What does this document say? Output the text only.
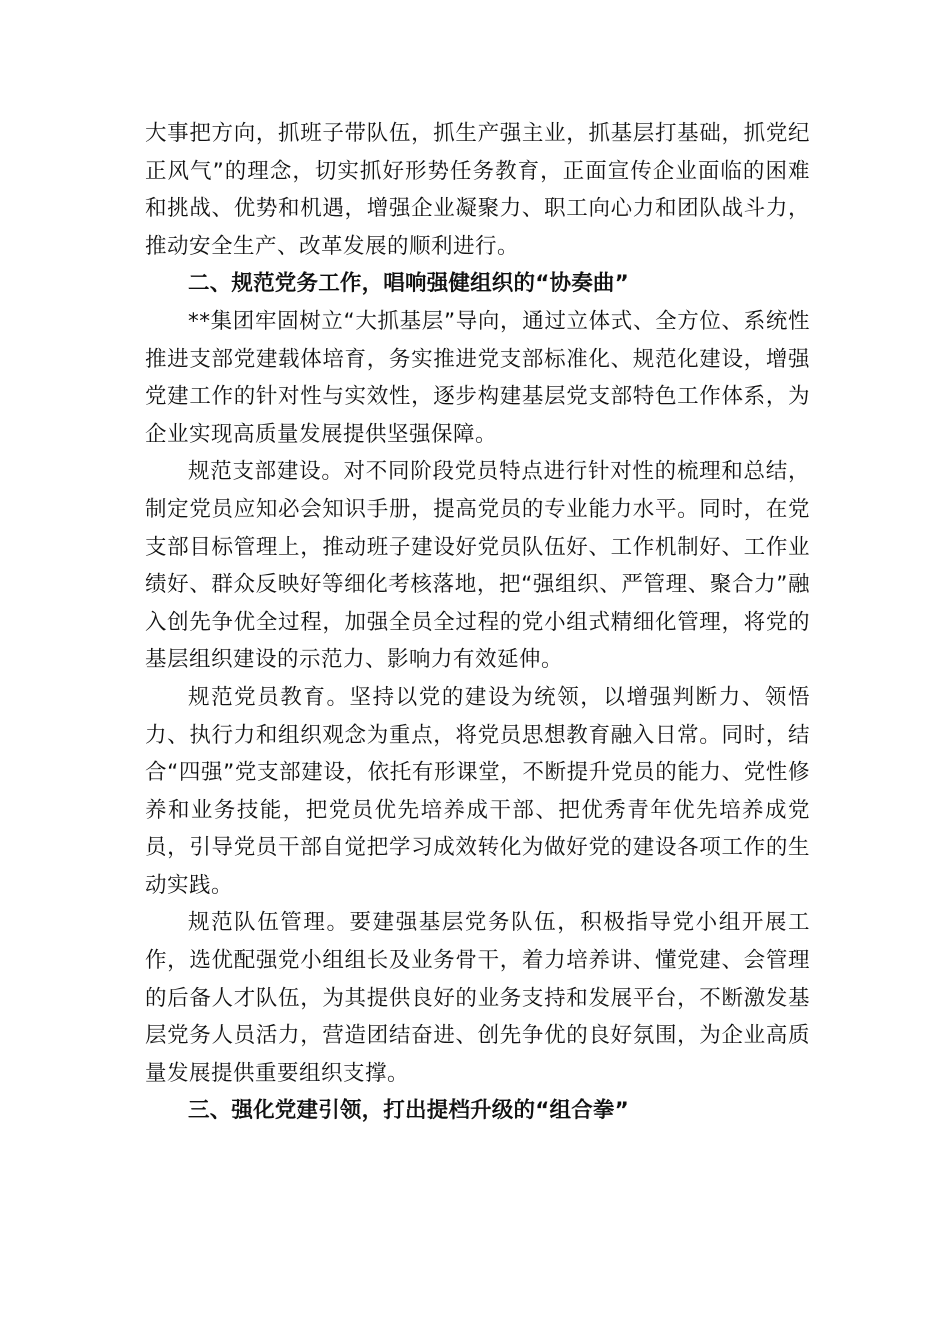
大事把方向，抓班子带队伍，抓生产强主业，抓基层打基础，抓党纪正风气”的理念，切实抓好形势任务教育，正面宣传企业面临的困难和挑战、优势和机遇，增强企业凝聚力、职工向心力和团队战斗力，推动安全生产、改革发展的顺利进行。

二、规范党务工作，唱响强健组织的“协奏曲”

**集团牢固树立“大抓基层”导向，通过立体式、全方位、系统性推进支部党建载体培育，务实推进党支部标准化、规范化建设，增强党建工作的针对性与实效性，逐步构建基层党支部特色工作体系，为企业实现高质量发展提供坚强保障。

规范支部建设。对不同阶段党员特点进行针对性的梳理和总结，制定党员应知必会知识手册，提高党员的专业能力水平。同时，在党支部目标管理上，推动班子建设好党员队伍好、工作机制好、工作业绩好、群众反映好等细化考核落地，把“强组织、严管理、聚合力”融入创先争优全过程，加强全员全过程的党小组式精细化管理，将党的基层组织建设的示范力、影响力有效延伸。

规范党员教育。坚持以党的建设为统领，以增强判断力、领悟力、执行力和组织观念为重点，将党员思想教育融入日常。同时，结合“四强”党支部建设，依托有形课堂，不断提升党员的能力、党性修养和业务技能，把党员优先培养成干部、把优秀青年优先培养成党员，引导党员干部自觉把学习成效转化为做好党的建设各项工作的生动实践。

规范队伍管理。要建强基层党务队伍，积极指导党小组开展工作，选优配强党小组组长及业务骨干，着力培养讲、懂党建、会管理的后备人才队伍，为其提供良好的业务支持和发展平台，不断激发基层党务人员活力，营造团结奋进、创先争优的良好氛围，为企业高质量发展提供重要组织支撑。

三、强化党建引领，打出提档升级的“组合拳”
